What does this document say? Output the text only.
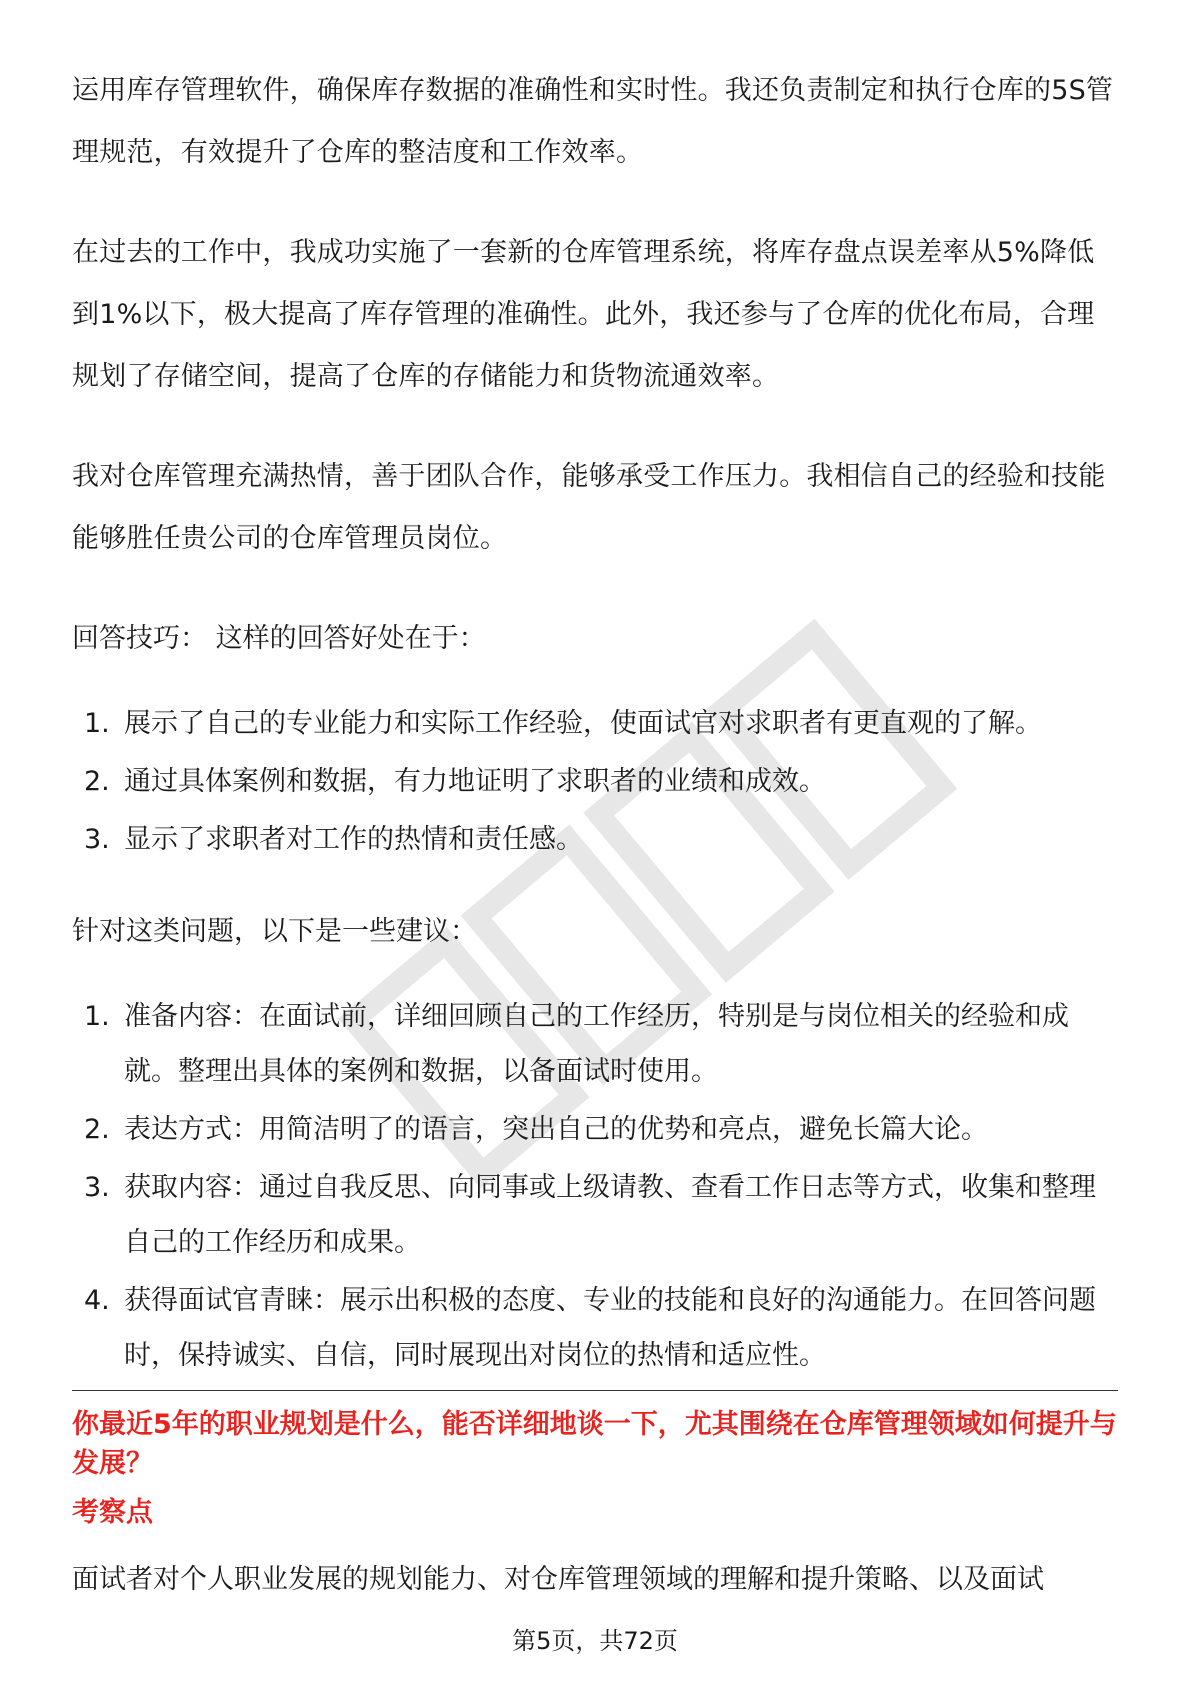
运用库存管理软件，确保库存数据的准确性和实时性。我还负责制定和执行仓库的5S管理规范，有效提升了仓库的整洁度和工作效率。

在过去的工作中，我成功实施了一套新的仓库管理系统，将库存盘点误差率从5%降低到1%以下，极大提高了库存管理的准确性。此外，我还参与了仓库的优化布局，合理规划了存储空间，提高了仓库的存储能力和货物流通效率。

我对仓库管理充满热情，善于团队合作，能够承受工作压力。我相信自己的经验和技能能够胜任贵公司的仓库管理员岗位。

回答技巧： 这样的回答好处在于：

1. 展示了自己的专业能力和实际工作经验，使面试官对求职者有更直观的了解。
2. 通过具体案例和数据，有力地证明了求职者的业绩和成效。
3. 显示了求职者对工作的热情和责任感。

针对这类问题，以下是一些建议：

1. 准备内容：在面试前，详细回顾自己的工作经历，特别是与岗位相关的经验和成就。整理出具体的案例和数据，以备面试时使用。
2. 表达方式：用简洁明了的语言，突出自己的优势和亮点，避免长篇大论。
3. 获取内容：通过自我反思、向同事或上级请教、查看工作日志等方式，收集和整理自己的工作经历和成果。
4. 获得面试官青睐：展示出积极的态度、专业的技能和良好的沟通能力。在回答问题时，保持诚实、自信，同时展现出对岗位的热情和适应性。

你最近5年的职业规划是什么，能否详细地谈一下，尤其围绕在仓库管理领域如何提升与发展？

考察点

面试者对个人职业发展的规划能力、对仓库管理领域的理解和提升策略、以及面试

第5页，共72页
